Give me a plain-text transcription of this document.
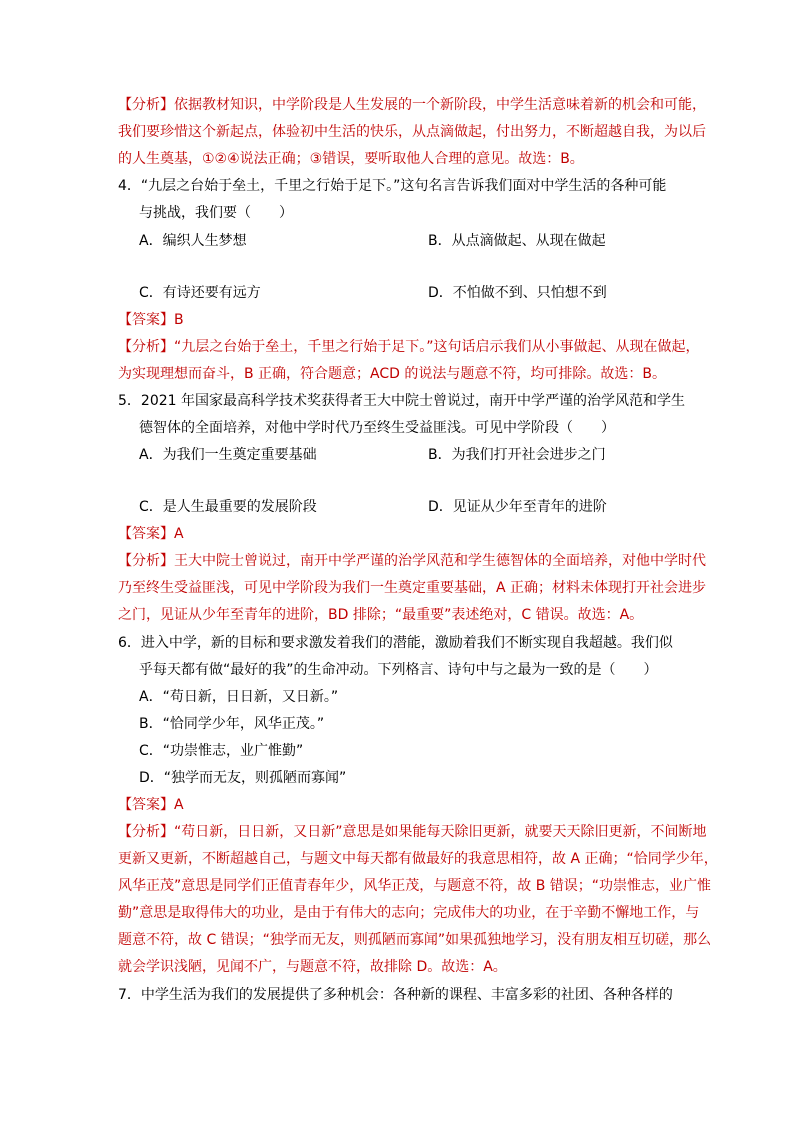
【分析】依据教材知识，中学阶段是人生发展的一个新阶段，中学生活意味着新的机会和可能，
我们要珍惜这个新起点，体验初中生活的快乐，从点滴做起，付出努力，不断超越自我，为以后
的人生奠基，①②④说法正确；③错误，要听取他人合理的意见。故选：B。
4．“九层之台始于垒土，千里之行始于足下。”这句名言告诉我们面对中学生活的各种可能
与挑战，我们要（　　）
A．编织人生梦想	B．从点滴做起、从现在做起
C．有诗还要有远方	D．不怕做不到、只怕想不到
【答案】B
【分析】“九层之台始于垒土，千里之行始于足下。”这句话启示我们从小事做起、从现在做起，
为实现理想而奋斗，B 正确，符合题意；ACD 的说法与题意不符，均可排除。故选：B。
5．2021 年国家最高科学技术奖获得者王大中院士曾说过，南开中学严谨的治学风范和学生
德智体的全面培养，对他中学时代乃至终生受益匪浅。可见中学阶段（　　）
A．为我们一生奠定重要基础	B．为我们打开社会进步之门
C．是人生最重要的发展阶段	D．见证从少年至青年的进阶
【答案】A
【分析】王大中院士曾说过，南开中学严谨的治学风范和学生德智体的全面培养，对他中学时代
乃至终生受益匪浅，可见中学阶段为我们一生奠定重要基础，A 正确；材料未体现打开社会进步
之门，见证从少年至青年的进阶，BD 排除；“最重要”表述绝对，C 错误。故选：A。
6．进入中学，新的目标和要求激发着我们的潜能，激励着我们不断实现自我超越。我们似
乎每天都有做“最好的我”的生命冲动。下列格言、诗句中与之最为一致的是（　　）
A．“苟日新，日日新，又日新。”
B．“恰同学少年，风华正茂。”
C．“功崇惟志，业广惟勤”
D．“独学而无友，则孤陋而寡闻”
【答案】A
【分析】“苟日新，日日新，又日新”意思是如果能每天除旧更新，就要天天除旧更新，不间断地
更新又更新，不断超越自己，与题文中每天都有做最好的我意思相符，故 A 正确；“恰同学少年，
风华正茂”意思是同学们正值青春年少，风华正茂，与题意不符，故 B 错误；“功崇惟志，业广惟
勤”意思是取得伟大的功业，是由于有伟大的志向；完成伟大的功业，在于辛勤不懈地工作，与
题意不符，故 C 错误；“独学而无友，则孤陋而寡闻”如果孤独地学习，没有朋友相互切磋，那么
就会学识浅陋，见闻不广，与题意不符，故排除 D。故选：A。
7．中学生活为我们的发展提供了多种机会：各种新的课程、丰富多彩的社团、各种各样的
